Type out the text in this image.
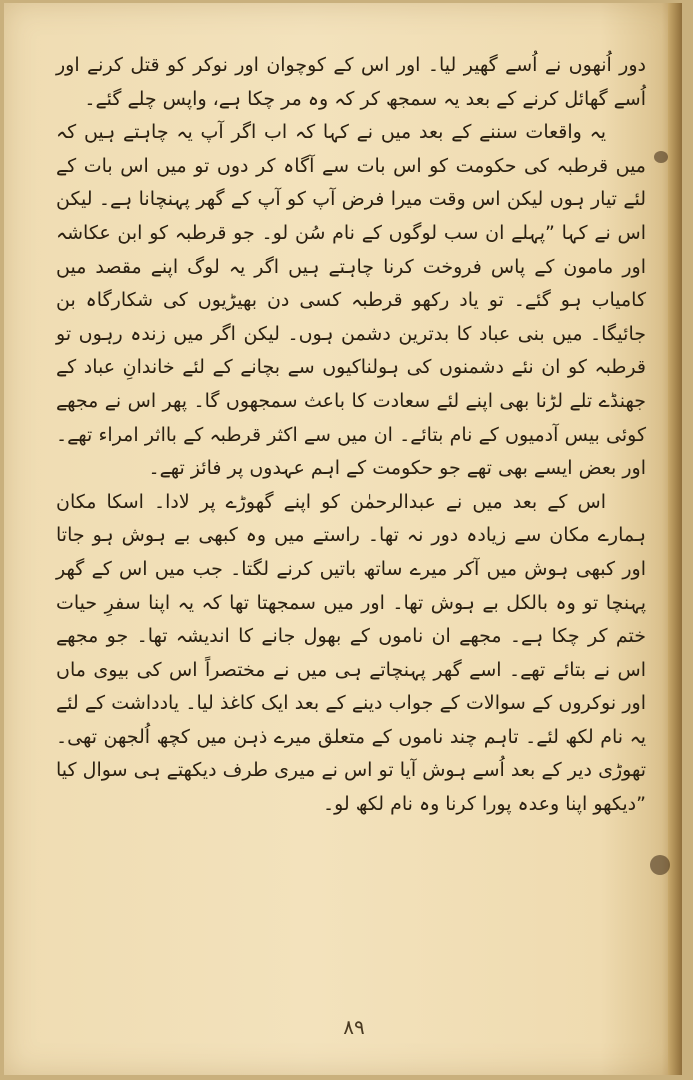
دور اُنھوں نے اُسے گھیر لیا۔ اور اس کے کوچوان اور نوکر کو قتل کرنے اور اُسے گھائل کرنے کے بعد یہ سمجھ کر کہ وہ مر چکا ہے، واپس چلے گئے۔

یہ واقعات سننے کے بعد میں نے کہا کہ اب اگر آپ یہ چاہتے ہیں کہ میں قرطبہ کی حکومت کو اس بات سے آگاہ کر دوں تو میں اس بات کے لئے تیار ہوں لیکن اس وقت میرا فرض آپ کو آپ کے گھر پہنچانا ہے۔ لیکن اس نے کہا ”پہلے ان سب لوگوں کے نام سُن لو۔ جو قرطبہ کو ابن عکاشہ اور مامون کے پاس فروخت کرنا چاہتے ہیں اگر یہ لوگ اپنے مقصد میں کامیاب ہو گئے۔ تو یاد رکھو قرطبہ کسی دن بھیڑیوں کی شکارگاہ بن جائیگا۔ میں بنی عباد کا بدترین دشمن ہوں۔ لیکن اگر میں زندہ رہوں تو قرطبہ کو ان نئے دشمنوں کی ہولناکیوں سے بچانے کے لئے خاندانِ عباد کے جھنڈے تلے لڑنا بھی اپنے لئے سعادت کا باعث سمجھوں گا۔ پھر اس نے مجھے کوئی بیس آدمیوں کے نام بتائے۔ ان میں سے اکثر قرطبہ کے بااثر امراء تھے۔ اور بعض ایسے بھی تھے جو حکومت کے اہم عہدوں پر فائز تھے۔

اس کے بعد میں نے عبدالرحمٰن کو اپنے گھوڑے پر لادا۔ اسکا مکان ہمارے مکان سے زیادہ دور نہ تھا۔ راستے میں وہ کبھی بے ہوش ہو جاتا اور کبھی ہوش میں آکر میرے ساتھ باتیں کرنے لگتا۔ جب میں اس کے گھر پہنچا تو وہ بالکل بے ہوش تھا۔ اور میں سمجھتا تھا کہ یہ اپنا سفرِ حیات ختم کر چکا ہے۔ مجھے ان ناموں کے بھول جانے کا اندیشہ تھا۔ جو مجھے اس نے بتائے تھے۔ اسے گھر پہنچاتے ہی میں نے مختصراً اس کی بیوی ماں اور نوکروں کے سوالات کے جواب دینے کے بعد ایک کاغذ لیا۔ یادداشت کے لئے یہ نام لکھ لئے۔ تاہم چند ناموں کے متعلق میرے ذہن میں کچھ اُلجھن تھی۔ تھوڑی دیر کے بعد اُسے ہوش آیا تو اس نے میری طرف دیکھتے ہی سوال کیا ”دیکھو اپنا وعدہ پورا کرنا وہ نام لکھ لو۔

۸۹
